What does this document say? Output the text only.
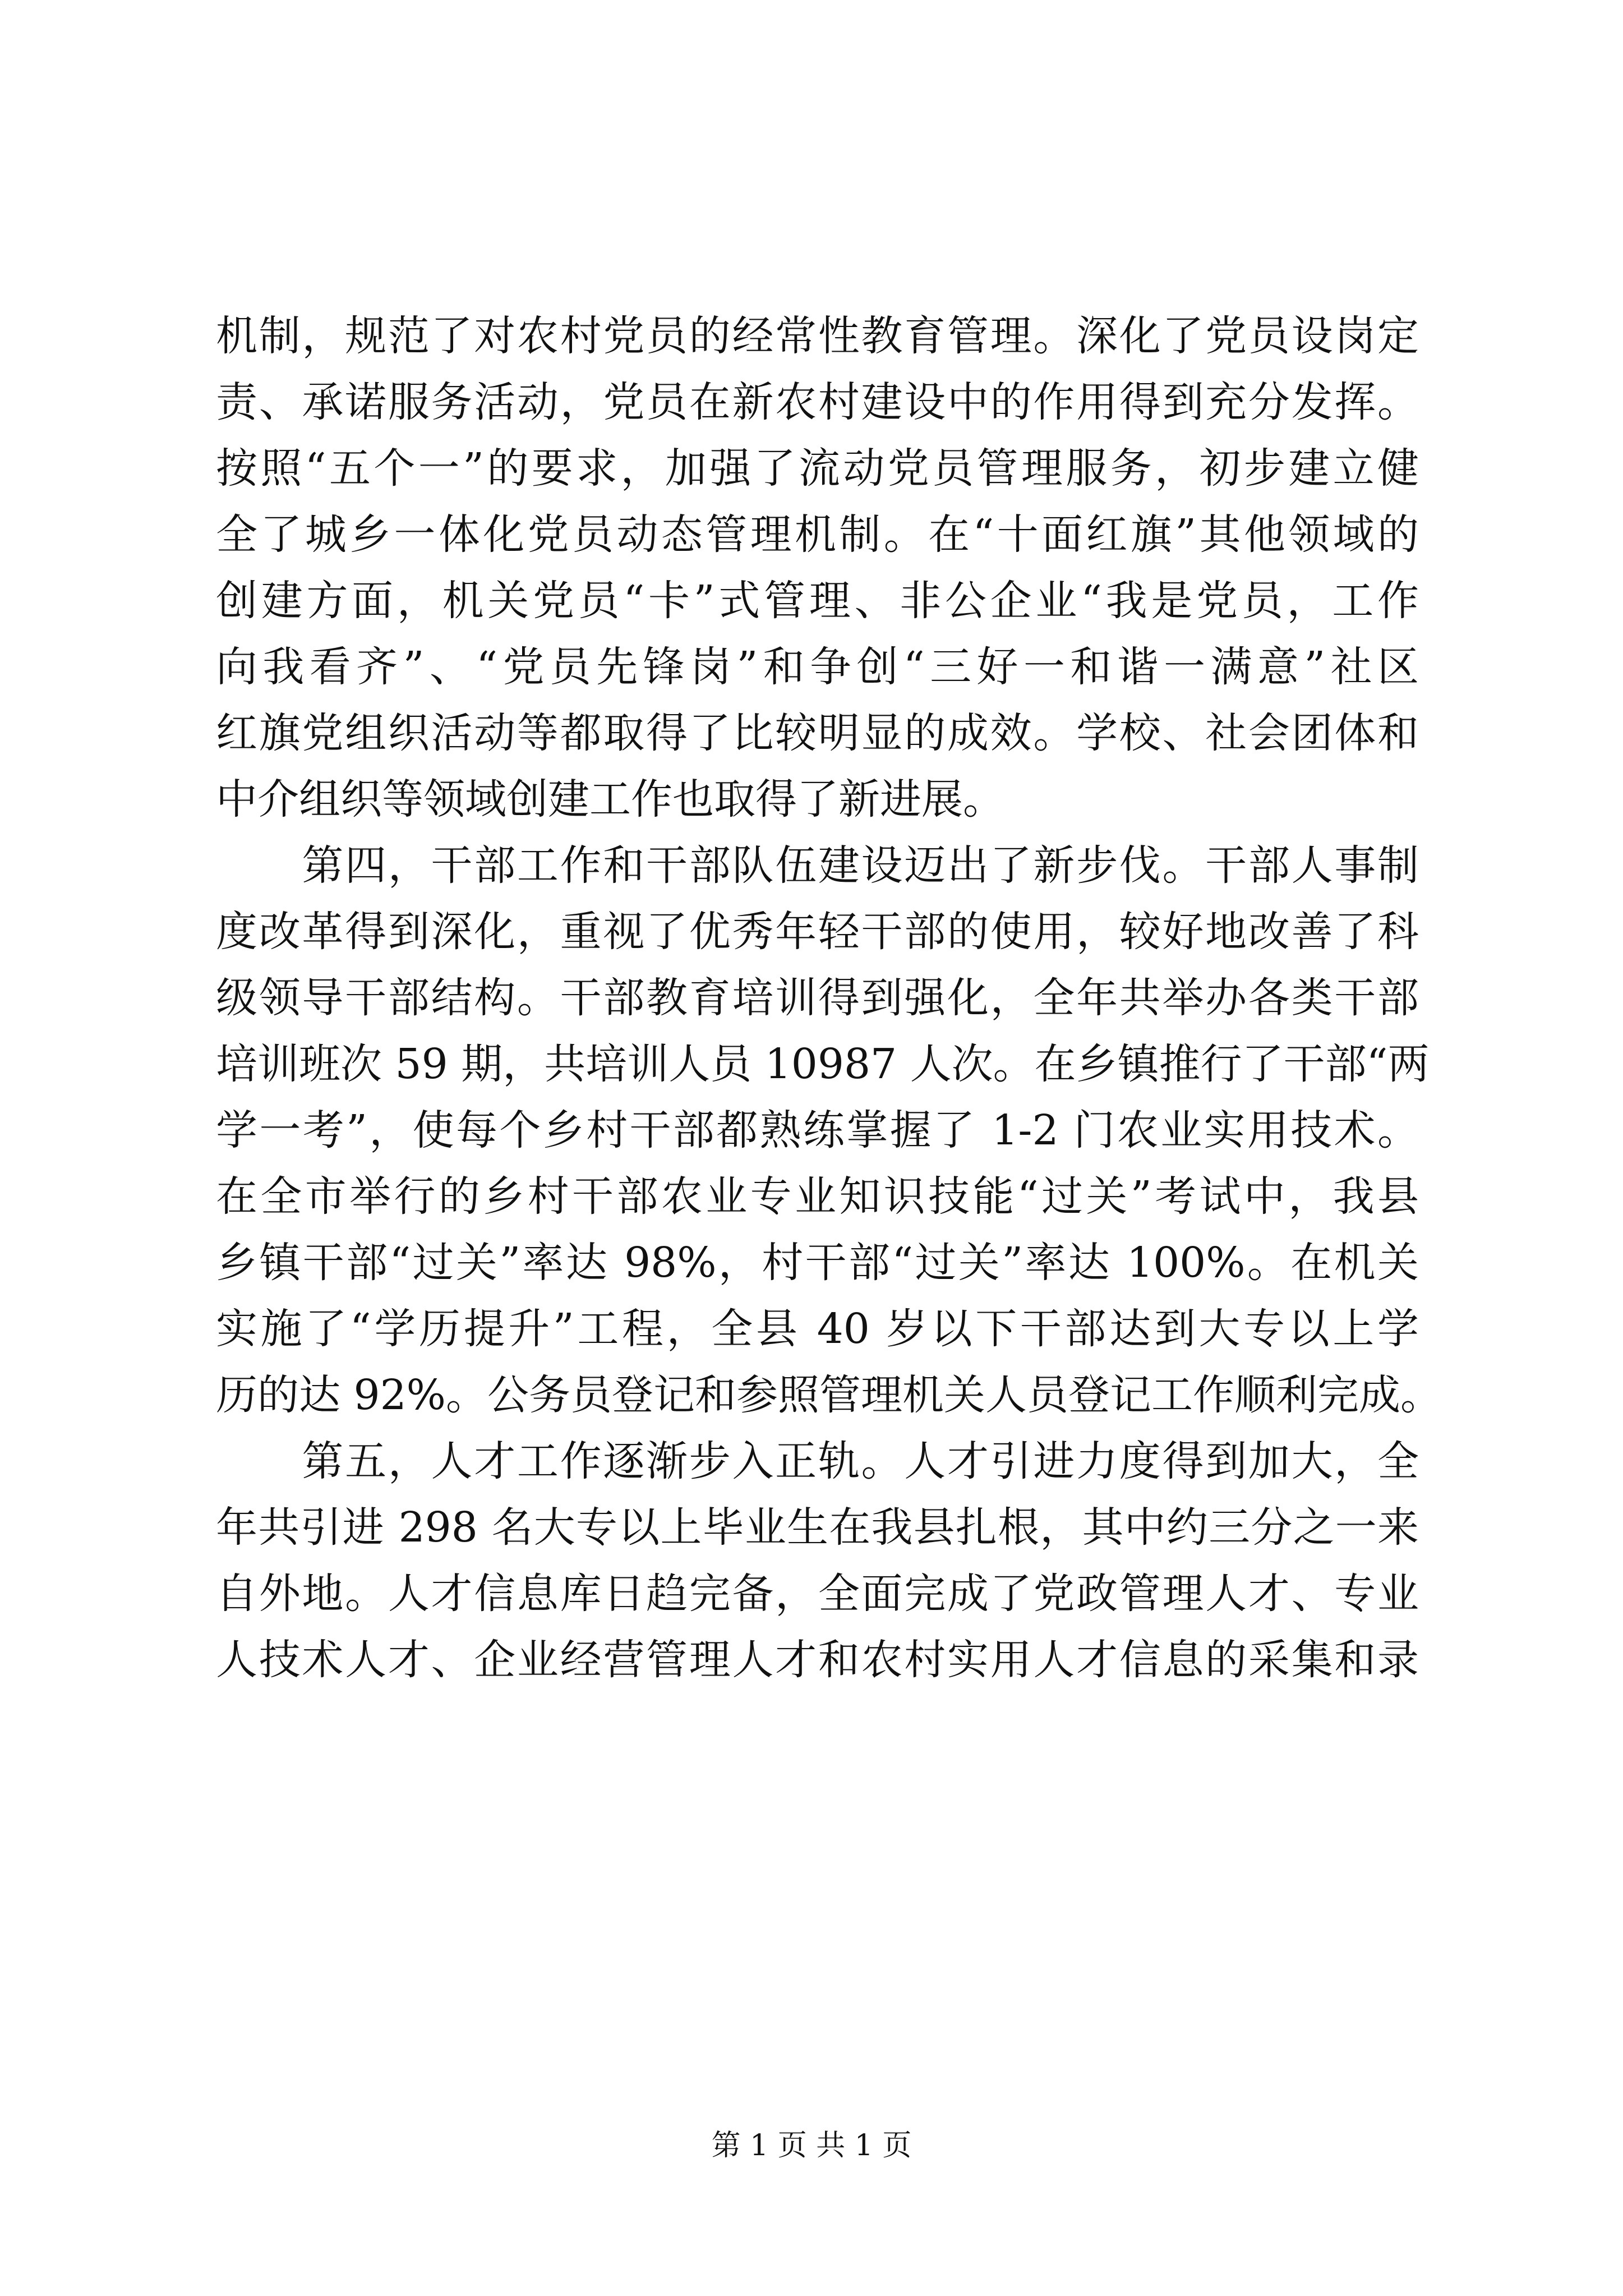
机制，规范了对农村党员的经常性教育管理。深化了党员设岗定
责、承诺服务活动，党员在新农村建设中的作用得到充分发挥。
按照“五个一”的要求，加强了流动党员管理服务，初步建立健
全了城乡一体化党员动态管理机制。在“十面红旗”其他领域的
创建方面，机关党员“卡”式管理、非公企业“我是党员，工作
向我看齐”、“党员先锋岗”和争创“三好一和谐一满意”社区
红旗党组织活动等都取得了比较明显的成效。学校、社会团体和
中介组织等领域创建工作也取得了新进展。
　　第四，干部工作和干部队伍建设迈出了新步伐。干部人事制
度改革得到深化，重视了优秀年轻干部的使用，较好地改善了科
级领导干部结构。干部教育培训得到强化，全年共举办各类干部
培训班次 59 期，共培训人员 10987 人次。在乡镇推行了干部“两
学一考”，使每个乡村干部都熟练掌握了 1-2 门农业实用技术。
在全市举行的乡村干部农业专业知识技能“过关”考试中，我县
乡镇干部“过关”率达 98%，村干部“过关”率达 100%。在机关
实施了“学历提升”工程，全县 40 岁以下干部达到大专以上学
历的达 92%。公务员登记和参照管理机关人员登记工作顺利完成。
　　第五，人才工作逐渐步入正轨。人才引进力度得到加大，全
年共引进 298 名大专以上毕业生在我县扎根，其中约三分之一来
自外地。人才信息库日趋完备，全面完成了党政管理人才、专业
人技术人才、企业经营管理人才和农村实用人才信息的采集和录
第 1 页 共 1 页
